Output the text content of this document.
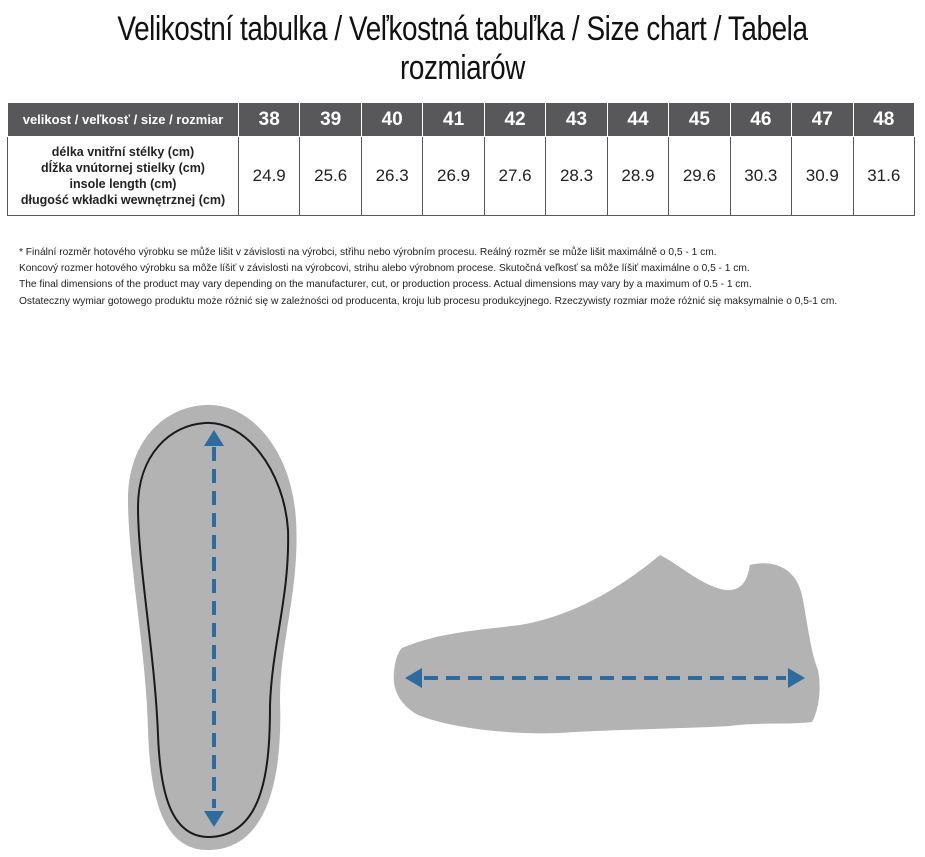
Velikostní tabulka / Veľkostná tabuľka / Size chart / Tabela rozmiarów
velikost / veľkosť / size / rozmiar	38	39	40	41	42	43	44	45	46	47	48

délka vnitřní stélky (cm)
dĺžka vnútornej stielky (cm)
insole length (cm)
długość wkładki wewnętrznej (cm)	24.9	25.6	26.3	26.9	27.6	28.3	28.9	29.6	30.3	30.9	31.6
* Finální rozměr hotového výrobku se může lišit v závislosti na výrobci, střihu nebo výrobním procesu. Reálný rozměr se může lišit maximálně o 0,5 - 1 cm.
Koncový rozmer hotového výrobku sa môže líšiť v závislosti na výrobcovi, strihu alebo výrobnom procese. Skutočná veľkosť sa môže líšiť maximálne o 0,5 - 1 cm.
The final dimensions of the product may vary depending on the manufacturer, cut, or production process. Actual dimensions may vary by a maximum of 0.5 - 1 cm.
Ostateczny wymiar gotowego produktu może różnić się w zależności od producenta, kroju lub procesu produkcyjnego. Rzeczywisty rozmiar może różnić się maksymalnie o 0,5-1 cm.
